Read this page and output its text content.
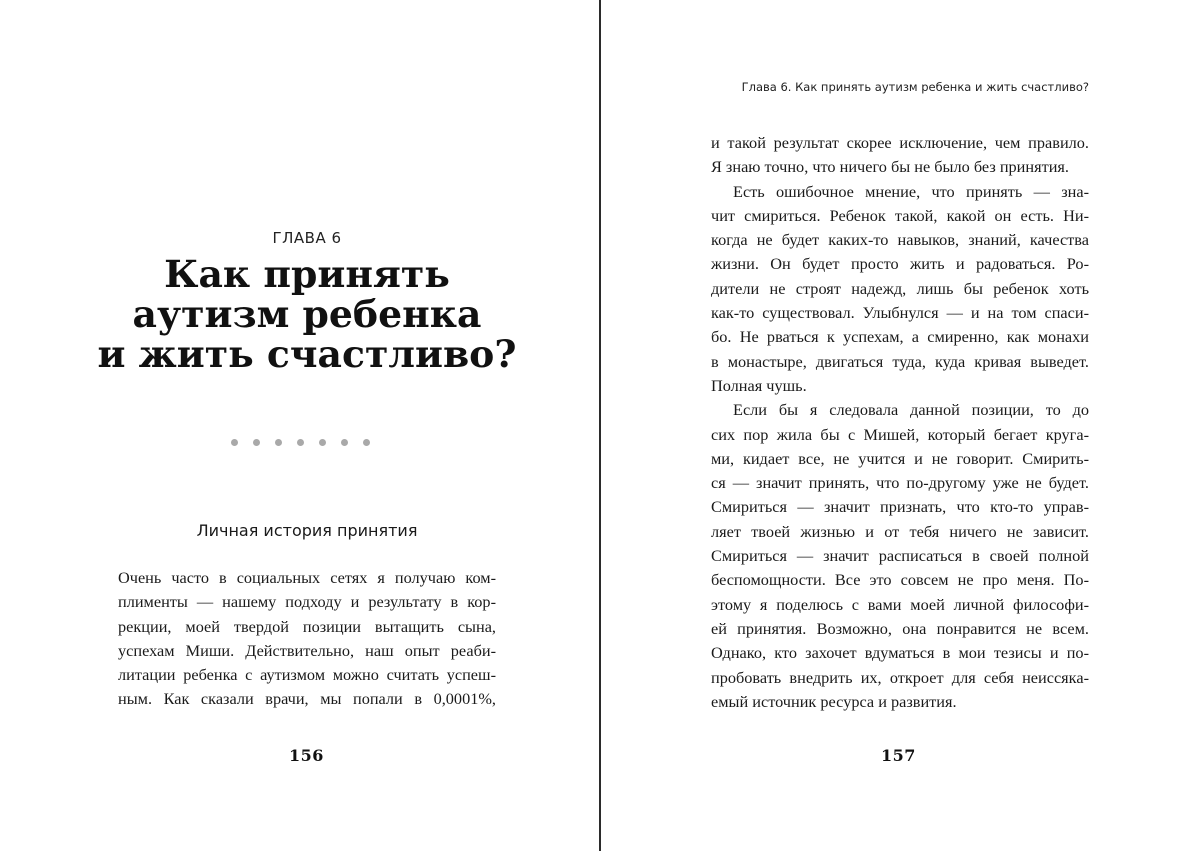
ГЛАВА 6
Как принять
аутизм ребенка
и жить счастливо?
Личная история принятия
Очень часто в социальных сетях я получаю ком-
плименты — нашему подходу и результату в кор-
рекции, моей твердой позиции вытащить сына,
успехам Миши. Действительно, наш опыт реаби-
литации ребенка с аутизмом можно считать успеш-
ным. Как сказали врачи, мы попали в 0,0001%,
156
Глава 6. Как принять аутизм ребенка и жить счастливо?
и такой результат скорее исключение, чем правило.
Я знаю точно, что ничего бы не было без принятия.
Есть ошибочное мнение, что принять — зна-
чит смириться. Ребенок такой, какой он есть. Ни-
когда не будет каких-то навыков, знаний, качества
жизни. Он будет просто жить и радоваться. Ро-
дители не строят надежд, лишь бы ребенок хоть
как-то существовал. Улыбнулся — и на том спаси-
бо. Не рваться к успехам, а смиренно, как монахи
в монастыре, двигаться туда, куда кривая выведет.
Полная чушь.
Если бы я следовала данной позиции, то до
сих пор жила бы с Мишей, который бегает круга-
ми, кидает все, не учится и не говорит. Смирить-
ся — значит принять, что по-другому уже не будет.
Смириться — значит признать, что кто-то управ-
ляет твоей жизнью и от тебя ничего не зависит.
Смириться — значит расписаться в своей полной
беспомощности. Все это совсем не про меня. По-
этому я поделюсь с вами моей личной философи-
ей принятия. Возможно, она понравится не всем.
Однако, кто захочет вдуматься в мои тезисы и по-
пробовать внедрить их, откроет для себя неиссяка-
емый источник ресурса и развития.
157
